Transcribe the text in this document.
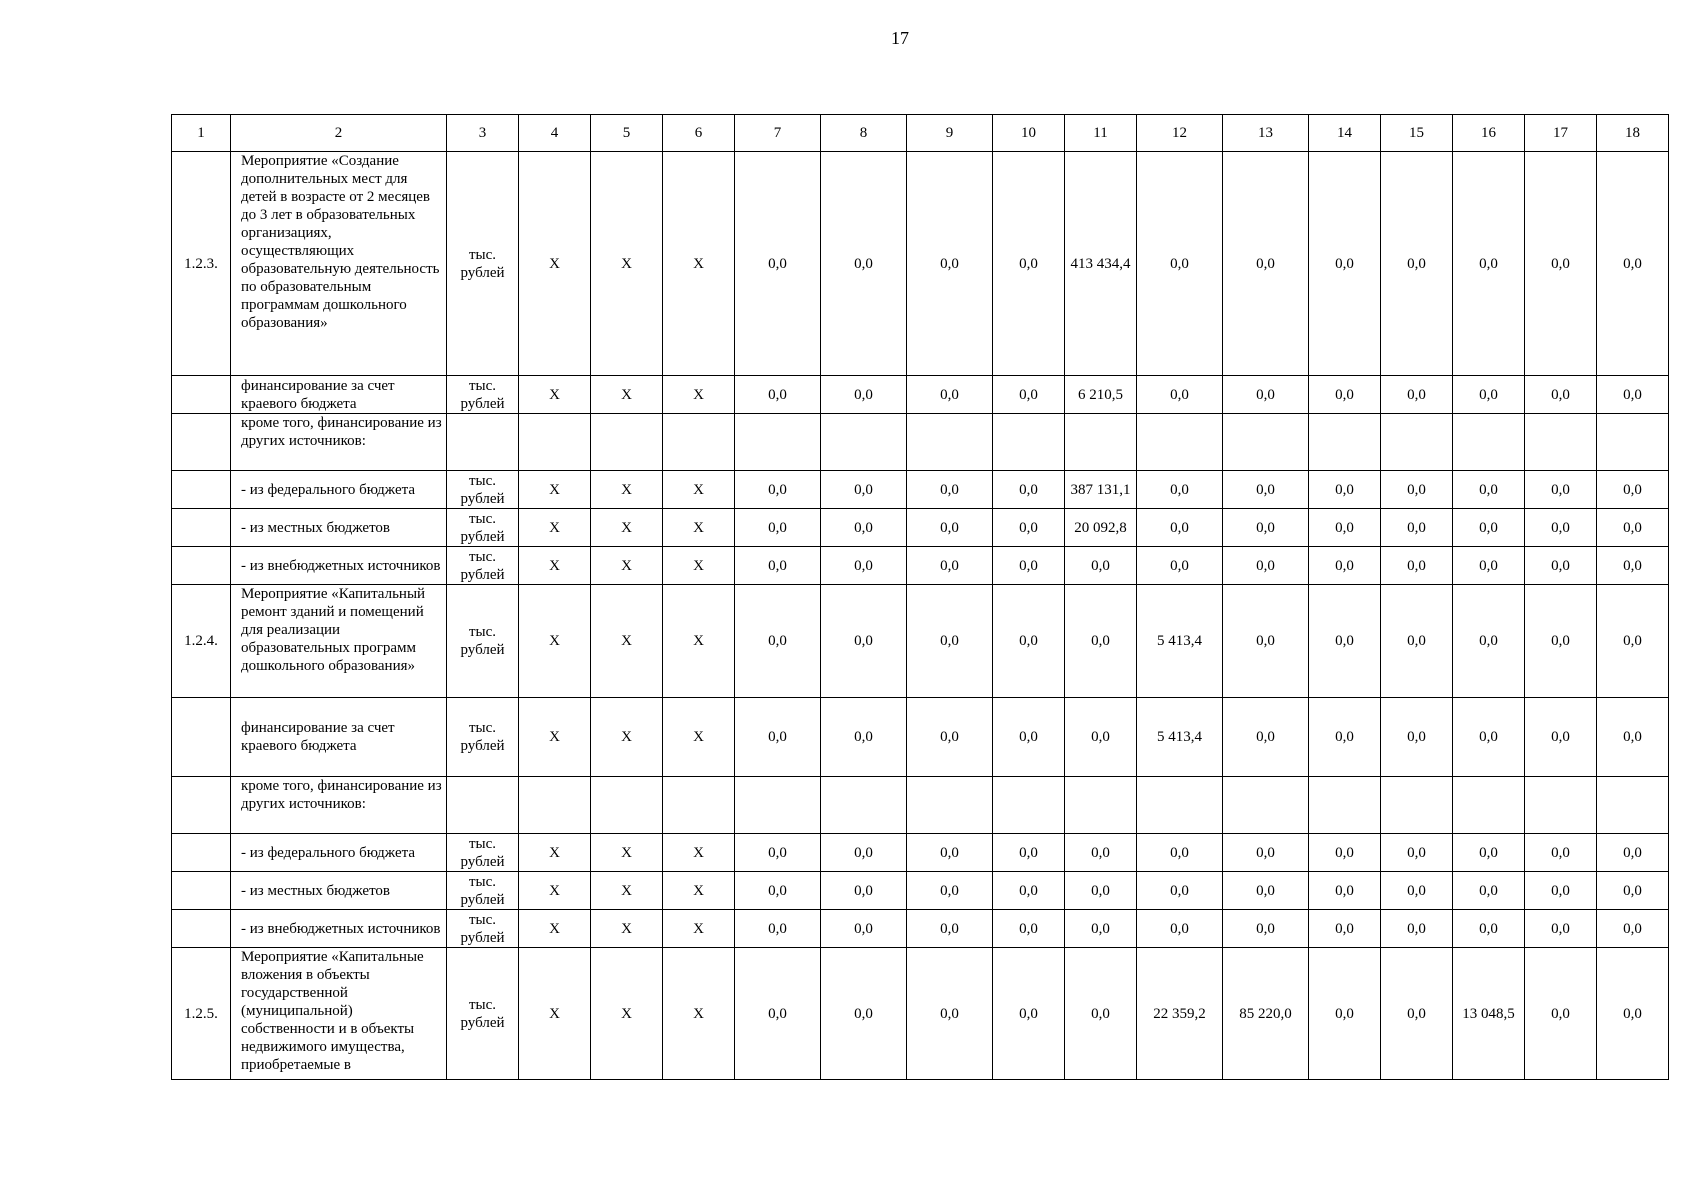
17
1	2	3	4	5	6	7	8	9	10	11	12	13	14	15	16	17	18
1.2.3.	Мероприятие «Создание дополнительных мест для детей в возрасте от 2 месяцев до 3 лет в образовательных организациях, осуществляющих образовательную деятельность по образовательным программам дошкольного образования»	тыс. рублей	Х	Х	Х	0,0	0,0	0,0	0,0	413 434,4	0,0	0,0	0,0	0,0	0,0	0,0	0,0
	финансирование за счет краевого бюджета	тыс. рублей	Х	Х	Х	0,0	0,0	0,0	0,0	6 210,5	0,0	0,0	0,0	0,0	0,0	0,0	0,0
	кроме того, финансирование из других источников:																
	- из федерального бюджета	тыс. рублей	Х	Х	Х	0,0	0,0	0,0	0,0	387 131,1	0,0	0,0	0,0	0,0	0,0	0,0	0,0
	- из местных бюджетов	тыс. рублей	Х	Х	Х	0,0	0,0	0,0	0,0	20 092,8	0,0	0,0	0,0	0,0	0,0	0,0	0,0
	- из внебюджетных источников	тыс. рублей	Х	Х	Х	0,0	0,0	0,0	0,0	0,0	0,0	0,0	0,0	0,0	0,0	0,0	0,0
1.2.4.	Мероприятие «Капитальный ремонт зданий и помещений для реализации образовательных программ дошкольного образования»	тыс. рублей	Х	Х	Х	0,0	0,0	0,0	0,0	0,0	5 413,4	0,0	0,0	0,0	0,0	0,0	0,0
	финансирование за счет краевого бюджета	тыс. рублей	Х	Х	Х	0,0	0,0	0,0	0,0	0,0	5 413,4	0,0	0,0	0,0	0,0	0,0	0,0
	кроме того, финансирование из других источников:																
	- из федерального бюджета	тыс. рублей	Х	Х	Х	0,0	0,0	0,0	0,0	0,0	0,0	0,0	0,0	0,0	0,0	0,0	0,0
	- из местных бюджетов	тыс. рублей	Х	Х	Х	0,0	0,0	0,0	0,0	0,0	0,0	0,0	0,0	0,0	0,0	0,0	0,0
	- из внебюджетных источников	тыс. рублей	Х	Х	Х	0,0	0,0	0,0	0,0	0,0	0,0	0,0	0,0	0,0	0,0	0,0	0,0
1.2.5.	Мероприятие «Капитальные вложения в объекты государственной (муниципальной) собственности и в объекты недвижимого имущества, приобретаемые в	тыс. рублей	Х	Х	Х	0,0	0,0	0,0	0,0	0,0	22 359,2	85 220,0	0,0	0,0	13 048,5	0,0	0,0
